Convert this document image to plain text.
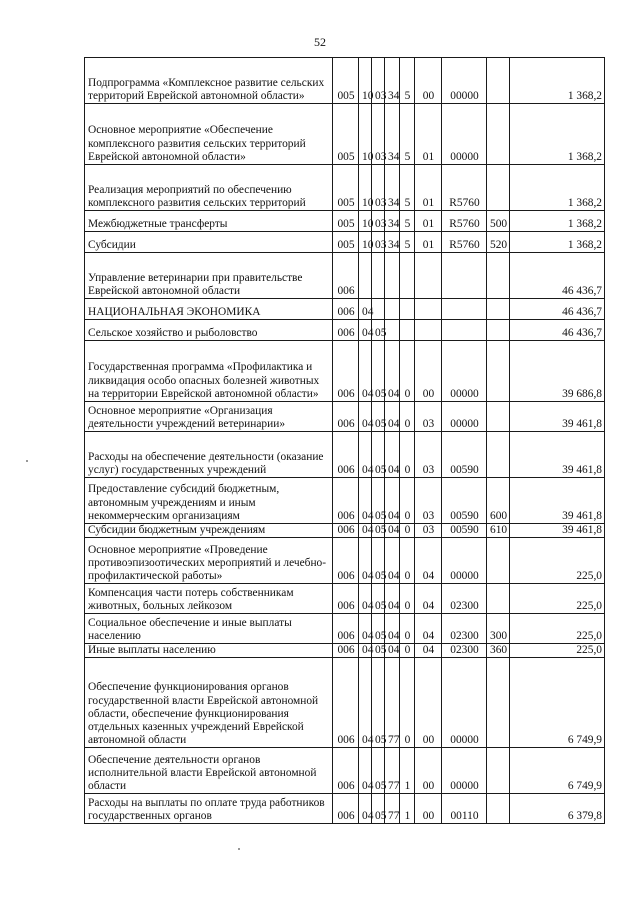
52
Подпрограмма «Комплексное развитие сельских территорий Еврейской автономной области»	005	10	03	34	5	00	00000		1 368,2
Основное мероприятие «Обеспечение комплексного развития сельских территорий Еврейской автономной области»	005	10	03	34	5	01	00000		1 368,2
Реализация мероприятий по обеспечению комплексного развития сельских территорий	005	10	03	34	5	01	R5760		1 368,2
Межбюджетные трансферты	005	10	03	34	5	01	R5760	500	1 368,2
Субсидии	005	10	03	34	5	01	R5760	520	1 368,2
Управление ветеринарии при правительстве Еврейской автономной области	006								46 436,7
НАЦИОНАЛЬНАЯ ЭКОНОМИКА	006	04							46 436,7
Сельское хозяйство и рыболовство	006	04	05						46 436,7
Государственная программа «Профилактика и ликвидация особо опасных болезней животных на территории Еврейской автономной области»	006	04	05	04	0	00	00000		39 686,8
Основное мероприятие «Организация деятельности учреждений ветеринарии»	006	04	05	04	0	03	00000		39 461,8
Расходы на обеспечение деятельности (оказание услуг) государственных учреждений	006	04	05	04	0	03	00590		39 461,8
Предоставление субсидий бюджетным, автономным учреждениям и иным некоммерческим организациям	006	04	05	04	0	03	00590	600	39 461,8
Субсидии бюджетным учреждениям	006	04	05	04	0	03	00590	610	39 461,8
Основное мероприятие «Проведение противоэпизоотических мероприятий и лечебно-профилактической работы»	006	04	05	04	0	04	00000		225,0
Компенсация части потерь собственникам животных, больных лейкозом	006	04	05	04	0	04	02300		225,0
Социальное обеспечение и иные выплаты населению	006	04	05	04	0	04	02300	300	225,0
Иные выплаты населению	006	04	05	04	0	04	02300	360	225,0
Обеспечение функционирования органов государственной власти Еврейской автономной области, обеспечение функционирования отдельных казенных учреждений Еврейской автономной области	006	04	05	77	0	00	00000		6 749,9
Обеспечение деятельности органов исполнительной власти Еврейской автономной области	006	04	05	77	1	00	00000		6 749,9
Расходы на выплаты по оплате труда работников государственных органов	006	04	05	77	1	00	00110		6 379,8
